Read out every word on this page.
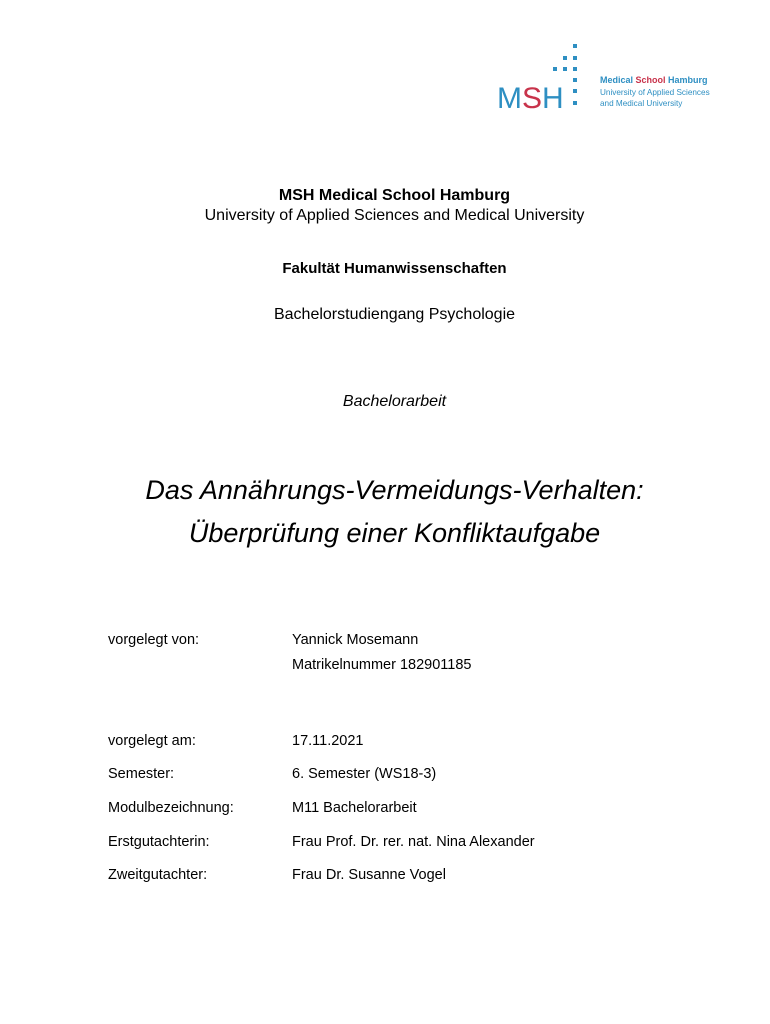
M S H
Medical School Hamburg
University of Applied Sciences
and Medical University
MSH Medical School Hamburg
University of Applied Sciences and Medical University
Fakultät Humanwissenschaften
Bachelorstudiengang Psychologie
Bachelorarbeit
Das Annährungs-Vermeidungs-Verhalten:
Überprüfung einer Konfliktaufgabe
vorgelegt von:	Yannick Mosemann
Matrikelnummer 182901185
vorgelegt am:	17.11.2021
Semester:	6. Semester (WS18-3)
Modulbezeichnung:	M11 Bachelorarbeit
Erstgutachterin:	Frau Prof. Dr. rer. nat. Nina Alexander
Zweitgutachter:	Frau Dr. Susanne Vogel
